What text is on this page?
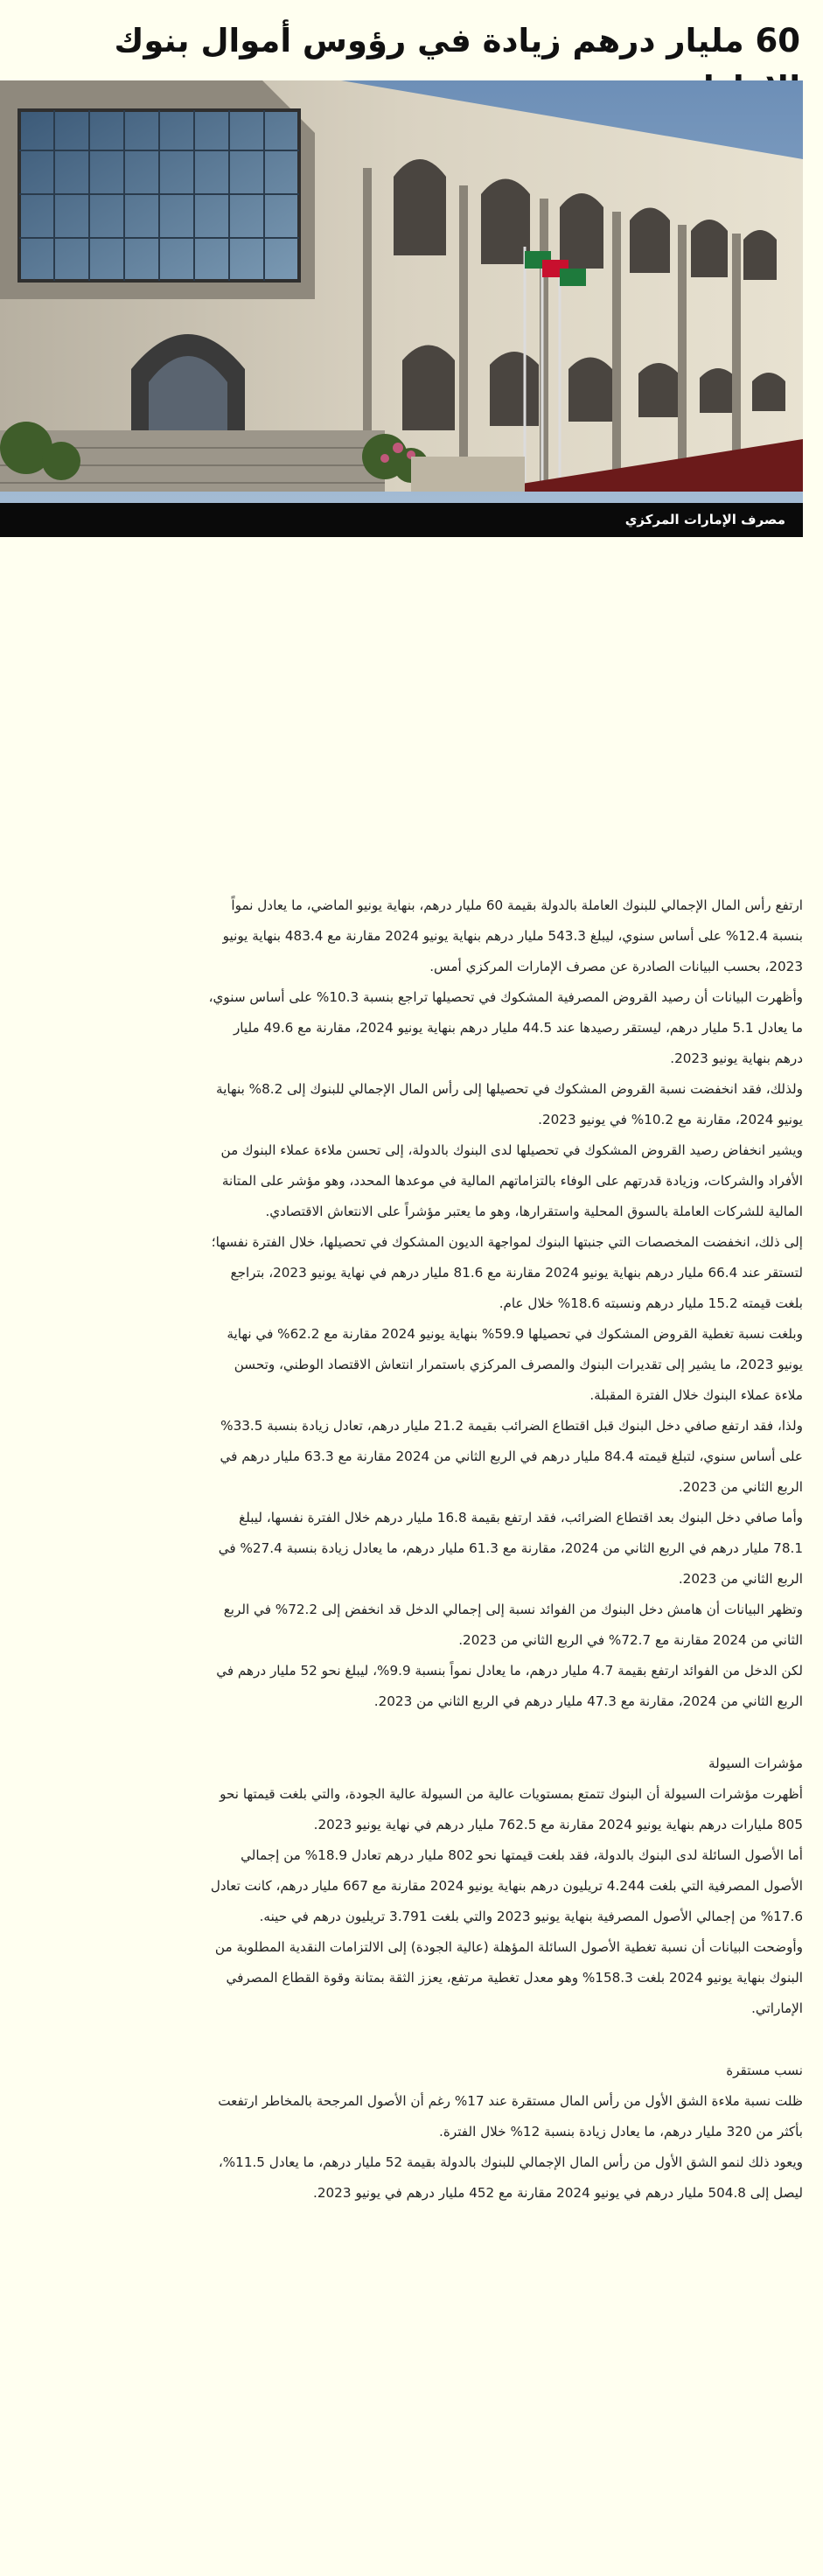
60 مليار درهم زيادة في رؤوس أموال بنوك
مصرف الإمارات المركزي

ارتفع رأس المال الإجمالي للبنوك العاملة بالدولة بقيمة 60 مليار درهم، بنهاية يونيو الماضي، ما يعادل نمواً بنسبة 12.4% على أساس سنوي، ليبلغ 543.3 مليار درهم بنهاية يونيو 2024 مقارنة مع 483.4 بنهاية يونيو 2023، بحسب البيانات الصادرة عن مصرف الإمارات المركزي أمس.

وأظهرت البيانات أن رصيد القروض المصرفية المشكوك في تحصيلها تراجع بنسبة 10.3% على أساس سنوي، ما يعادل 5.1 مليار درهم، ليستقر رصيدها عند 44.5 مليار درهم بنهاية يونيو 2024، مقارنة مع 49.6 مليار درهم بنهاية يونيو 2023.

ولذلك، فقد انخفضت نسبة القروض المشكوك في تحصيلها إلى رأس المال الإجمالي للبنوك إلى 8.2% بنهاية يونيو 2024، مقارنة مع 10.2% في يونيو 2023.

ويشير انخفاض رصيد القروض المشكوك في تحصيلها لدى البنوك بالدولة، إلى تحسن ملاءة عملاء البنوك من الأفراد والشركات، وزيادة قدرتهم على الوفاء بالتزاماتهم المالية في موعدها المحدد، وهو مؤشر على المتانة المالية للشركات العاملة بالسوق المحلية واستقرارها، وهو ما يعتبر مؤشراً على الانتعاش الاقتصادي.

إلى ذلك، انخفضت المخصصات التي جنبتها البنوك لمواجهة الديون المشكوك في تحصيلها، خلال الفترة نفسها؛ لتستقر عند 66.4 مليار درهم بنهاية يونيو 2024 مقارنة مع 81.6 مليار درهم في نهاية يونيو 2023، بتراجع بلغت قيمته 15.2 مليار درهم ونسبته 18.6% خلال عام.

وبلغت نسبة تغطية القروض المشكوك في تحصيلها 59.9% بنهاية يونيو 2024 مقارنة مع 62.2% في نهاية يونيو 2023، ما يشير إلى تقديرات البنوك والمصرف المركزي باستمرار انتعاش الاقتصاد الوطني، وتحسن ملاءة عملاء البنوك خلال الفترة المقبلة.

ولذا، فقد ارتفع صافي دخل البنوك قبل اقتطاع الضرائب بقيمة 21.2 مليار درهم، تعادل زيادة بنسبة 33.5% على أساس سنوي، لتبلغ قيمته 84.4 مليار درهم في الربع الثاني من 2024 مقارنة مع 63.3 مليار درهم في الربع الثاني من 2023.

وأما صافي دخل البنوك بعد اقتطاع الضرائب، فقد ارتفع بقيمة 16.8 مليار درهم خلال الفترة نفسها، ليبلغ 78.1 مليار درهم في الربع الثاني من 2024، مقارنة مع 61.3 مليار درهم، ما يعادل زيادة بنسبة 27.4% في الربع الثاني من 2023.

وتظهر البيانات أن هامش دخل البنوك من الفوائد نسبة إلى إجمالي الدخل قد انخفض إلى 72.2% في الربع الثاني من 2024 مقارنة مع 72.7% في الربع الثاني من 2023.

لكن الدخل من الفوائد ارتفع بقيمة 4.7 مليار درهم، ما يعادل نمواً بنسبة 9.9%، ليبلغ نحو 52 مليار درهم في الربع الثاني من 2024، مقارنة مع 47.3 مليار درهم في الربع الثاني من 2023.

مؤشرات السيولة

أظهرت مؤشرات السيولة أن البنوك تتمتع بمستويات عالية من السيولة عالية الجودة، والتي بلغت قيمتها نحو 805 مليارات درهم بنهاية يونيو 2024 مقارنة مع 762.5 مليار درهم في نهاية يونيو 2023.

أما الأصول السائلة لدى البنوك بالدولة، فقد بلغت قيمتها نحو 802 مليار درهم تعادل 18.9% من إجمالي الأصول المصرفية التي بلغت 4.244 تريليون درهم بنهاية يونيو 2024 مقارنة مع 667 مليار درهم، كانت تعادل 17.6% من إجمالي الأصول المصرفية بنهاية يونيو 2023 والتي بلغت 3.791 تريليون درهم في حينه.

وأوضحت البيانات أن نسبة تغطية الأصول السائلة المؤهلة (عالية الجودة) إلى الالتزامات النقدية المطلوبة من البنوك بنهاية يونيو 2024 بلغت 158.3% وهو معدل تغطية مرتفع، يعزز الثقة بمتانة وقوة القطاع المصرفي الإماراتي.

نسب مستقرة

ظلت نسبة ملاءة الشق الأول من رأس المال مستقرة عند 17% رغم أن الأصول المرجحة بالمخاطر ارتفعت بأكثر من 320 مليار درهم، ما يعادل زيادة بنسبة 12% خلال الفترة.

ويعود ذلك لنمو الشق الأول من رأس المال الإجمالي للبنوك بالدولة بقيمة 52 مليار درهم، ما يعادل 11.5%، ليصل إلى 504.8 مليار درهم في يونيو 2024 مقارنة مع 452 مليار درهم في يونيو 2023.
